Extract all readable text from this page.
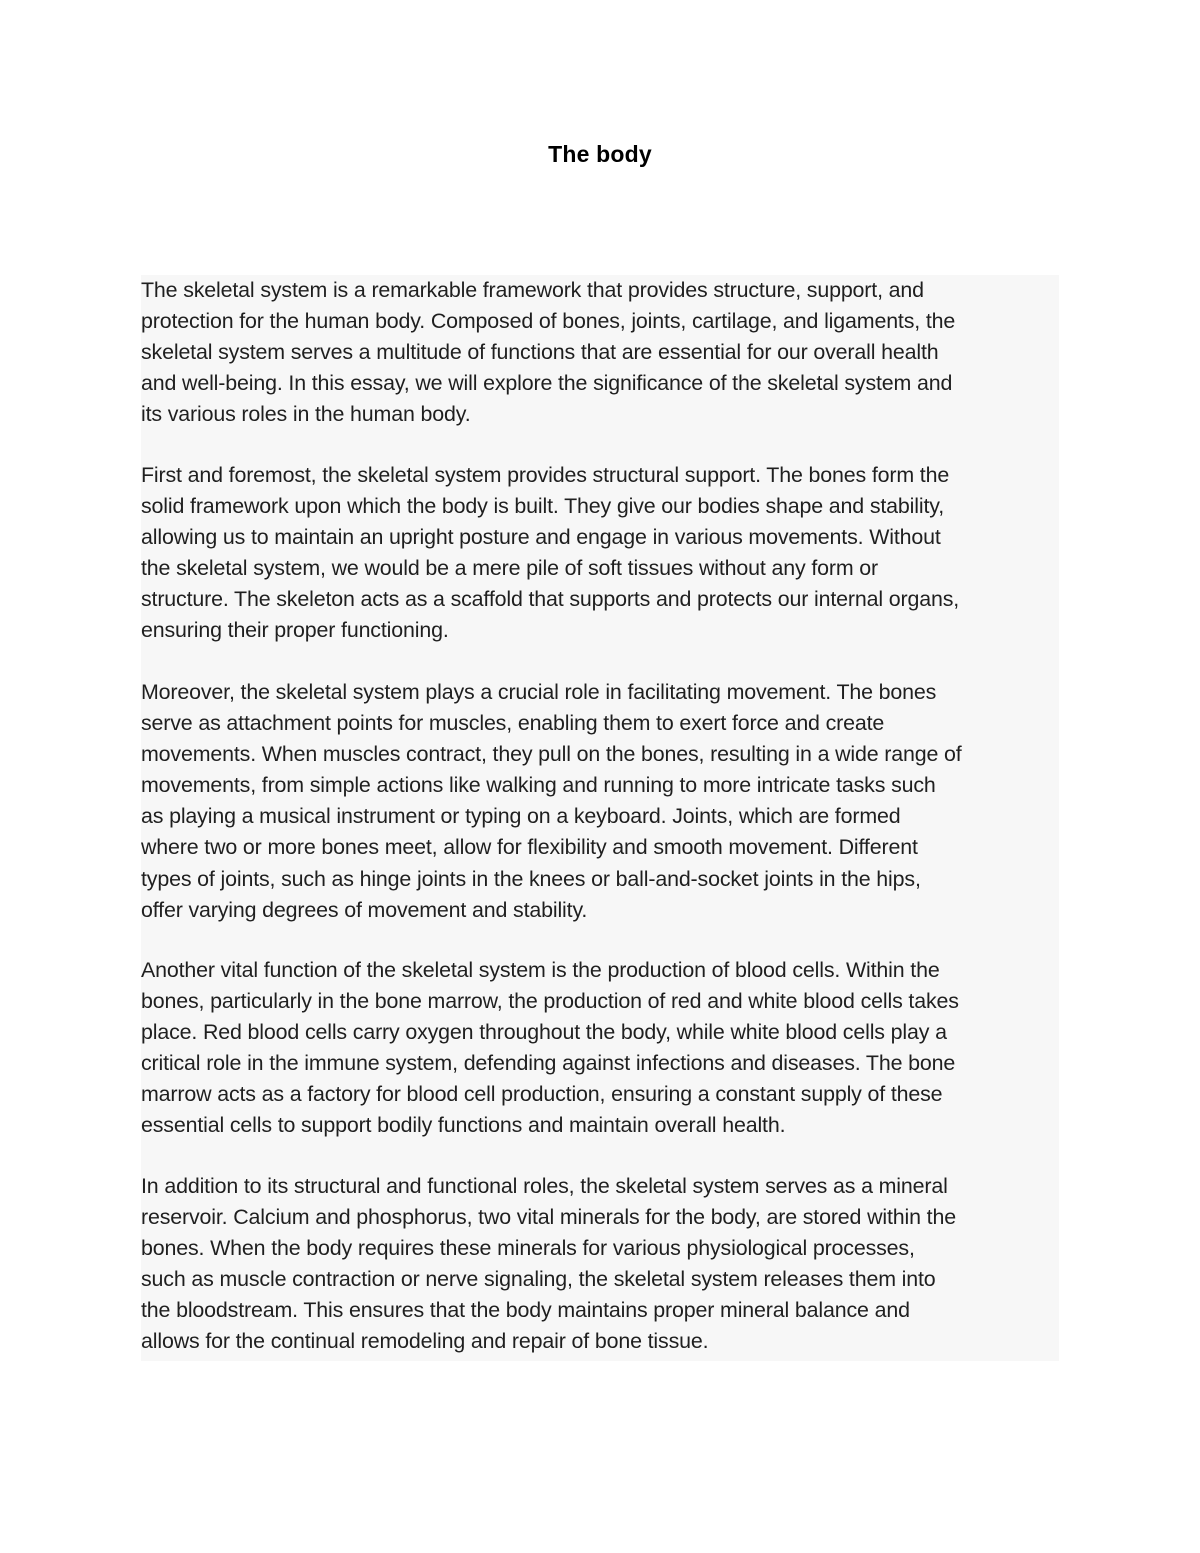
The body

The skeletal system is a remarkable framework that provides structure, support, and
protection for the human body. Composed of bones, joints, cartilage, and ligaments, the
skeletal system serves a multitude of functions that are essential for our overall health
and well-being. In this essay, we will explore the significance of the skeletal system and
its various roles in the human body.

First and foremost, the skeletal system provides structural support. The bones form the
solid framework upon which the body is built. They give our bodies shape and stability,
allowing us to maintain an upright posture and engage in various movements. Without
the skeletal system, we would be a mere pile of soft tissues without any form or
structure. The skeleton acts as a scaffold that supports and protects our internal organs,
ensuring their proper functioning.

Moreover, the skeletal system plays a crucial role in facilitating movement. The bones
serve as attachment points for muscles, enabling them to exert force and create
movements. When muscles contract, they pull on the bones, resulting in a wide range of
movements, from simple actions like walking and running to more intricate tasks such
as playing a musical instrument or typing on a keyboard. Joints, which are formed
where two or more bones meet, allow for flexibility and smooth movement. Different
types of joints, such as hinge joints in the knees or ball-and-socket joints in the hips,
offer varying degrees of movement and stability.

Another vital function of the skeletal system is the production of blood cells. Within the
bones, particularly in the bone marrow, the production of red and white blood cells takes
place. Red blood cells carry oxygen throughout the body, while white blood cells play a
critical role in the immune system, defending against infections and diseases. The bone
marrow acts as a factory for blood cell production, ensuring a constant supply of these
essential cells to support bodily functions and maintain overall health.

In addition to its structural and functional roles, the skeletal system serves as a mineral
reservoir. Calcium and phosphorus, two vital minerals for the body, are stored within the
bones. When the body requires these minerals for various physiological processes,
such as muscle contraction or nerve signaling, the skeletal system releases them into
the bloodstream. This ensures that the body maintains proper mineral balance and
allows for the continual remodeling and repair of bone tissue.
